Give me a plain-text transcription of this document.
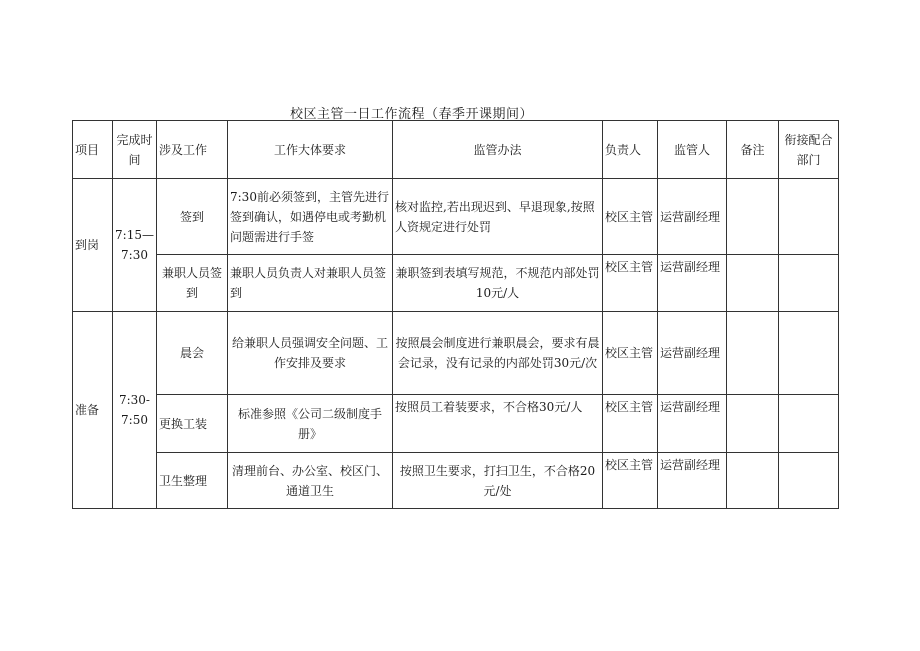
校区主管一日工作流程（春季开课期间）
项目	完成时间	涉及工作	工作大体要求	监管办法	负责人	监管人	备注	衔接配合部门
到岗	7:15—7:30	签到	7:30前必须签到，主管先进行签到确认，如遇停电或考勤机问题需进行手签	核对监控,若出现迟到、早退现象,按照人资规定进行处罚	校区主管	运营副经理		
		兼职人员签到	兼职人员负责人对兼职人员签到	兼职签到表填写规范，不规范内部处罚10元/人	校区主管	运营副经理		
准备	7:30-7:50	晨会	给兼职人员强调安全问题、工作安排及要求	按照晨会制度进行兼职晨会，要求有晨会记录，没有记录的内部处罚30元/次	校区主管	运营副经理		
		更换工装	标准参照《公司二级制度手册》	按照员工着装要求，不合格30元/人	校区主管	运营副经理		
		卫生整理	清理前台、办公室、校区门、通道卫生	按照卫生要求，打扫卫生，不合格20元/处	校区主管	运营副经理		
